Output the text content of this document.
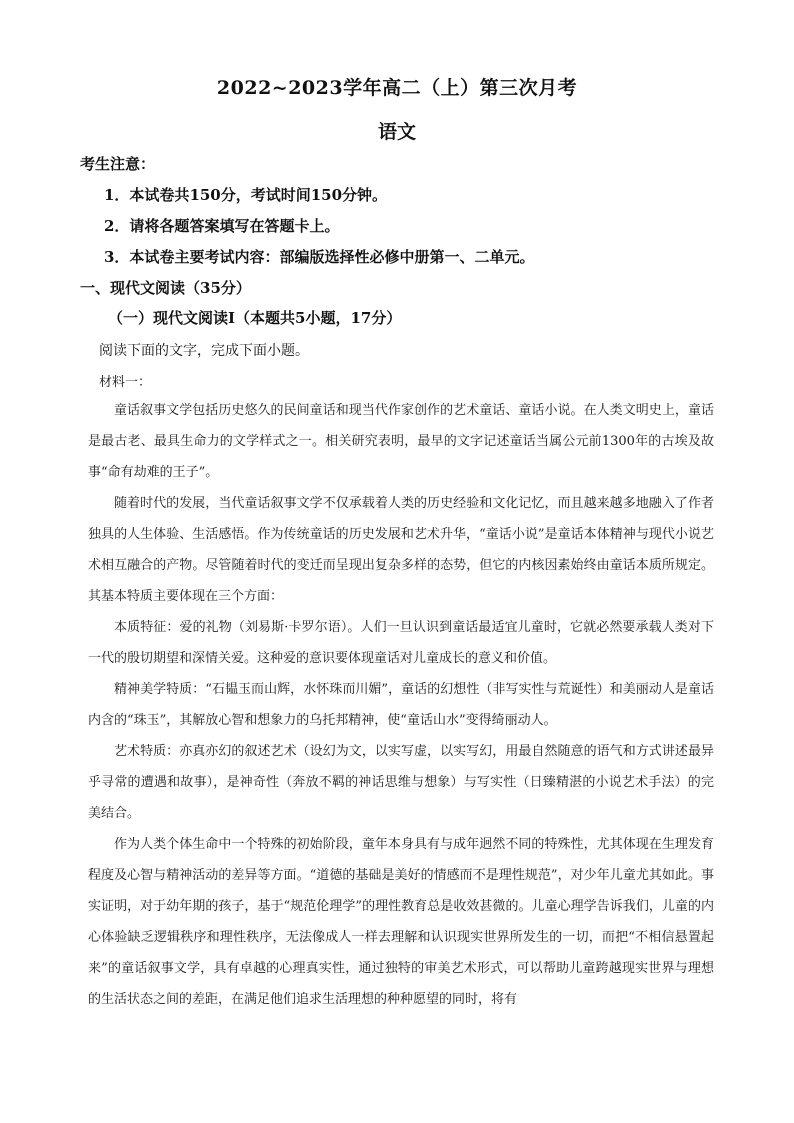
2022~2023学年高二（上）第三次月考
语文
考生注意：
1．本试卷共150分，考试时间150分钟。
2．请将各题答案填写在答题卡上。
3．本试卷主要考试内容：部编版选择性必修中册第一、二单元。
一、现代文阅读（35分）
（一）现代文阅读Ⅰ（本题共5小题，17分）
阅读下面的文字，完成下面小题。
材料一：

童话叙事文学包括历史悠久的民间童话和现当代作家创作的艺术童话、童话小说。在人类文明史上，童话是最古老、最具生命力的文学样式之一。相关研究表明，最早的文字记述童话当属公元前1300年的古埃及故事“命有劫难的王子”。

随着时代的发展，当代童话叙事文学不仅承载着人类的历史经验和文化记忆，而且越来越多地融入了作者独具的人生体验、生活感悟。作为传统童话的历史发展和艺术升华，“童话小说”是童话本体精神与现代小说艺术相互融合的产物。尽管随着时代的变迁而呈现出复杂多样的态势，但它的内核因素始终由童话本质所规定。其基本特质主要体现在三个方面：

本质特征：爱的礼物（刘易斯·卡罗尔语）。人们一旦认识到童话最适宜儿童时，它就必然要承载人类对下一代的殷切期望和深情关爱。这种爱的意识要体现童话对儿童成长的意义和价值。

精神美学特质：“石韫玉而山辉，水怀珠而川媚”，童话的幻想性（非写实性与荒诞性）和美丽动人是童话内含的“珠玉”，其解放心智和想象力的乌托邦精神，使“童话山水”变得绮丽动人。

艺术特质：亦真亦幻的叙述艺术（设幻为文，以实写虚，以实写幻，用最自然随意的语气和方式讲述最异乎寻常的遭遇和故事），是神奇性（奔放不羁的神话思维与想象）与写实性（日臻精湛的小说艺术手法）的完美结合。

作为人类个体生命中一个特殊的初始阶段，童年本身具有与成年迥然不同的特殊性，尤其体现在生理发育程度及心智与精神活动的差异等方面。“道德的基础是美好的情感而不是理性规范”，对少年儿童尤其如此。事实证明，对于幼年期的孩子，基于“规范伦理学”的理性教育总是收效甚微的。儿童心理学告诉我们，儿童的内心体验缺乏逻辑秩序和理性秩序，无法像成人一样去理解和认识现实世界所发生的一切，而把“不相信悬置起来”的童话叙事文学，具有卓越的心理真实性，通过独特的审美艺术形式，可以帮助儿童跨越现实世界与理想的生活状态之间的差距，在满足他们追求生活理想的种种愿望的同时，将有
